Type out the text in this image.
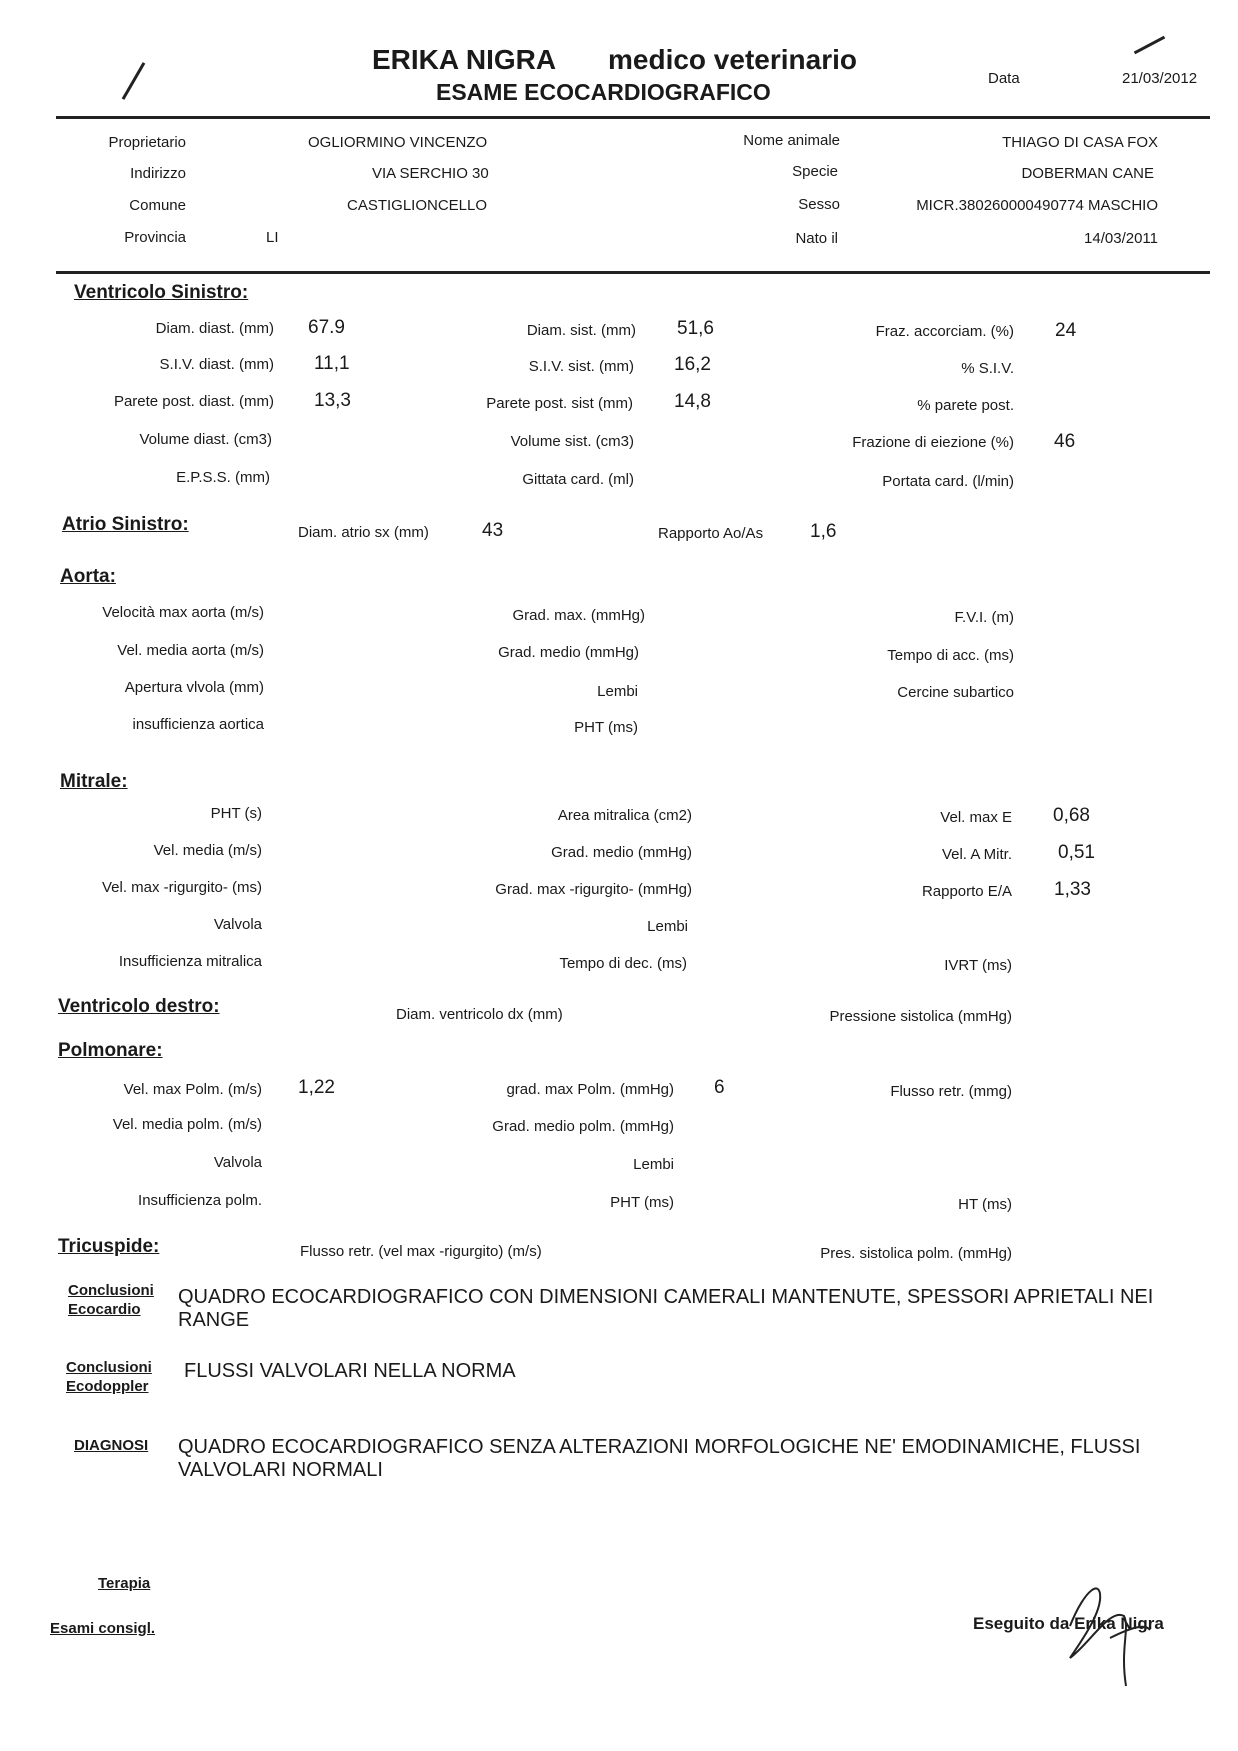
ERIKA NIGRA medico veterinario
ESAME ECOCARDIOGRAFICO
Data	21/03/2012
Proprietario	OGLIORMINO VINCENZO
Indirizzo	VIA SERCHIO 30
Comune	CASTIGLIONCELLO
Provincia	LI
Nome animale	THIAGO DI CASA FOX
Specie	DOBERMAN CANE
Sesso	MICR.380260000490774 MASCHIO
Nato il	14/03/2011
Ventricolo Sinistro:
Diam. diast. (mm) 67.9	Diam. sist. (mm) 51,6	Fraz. accorciam. (%) 24
S.I.V. diast. (mm) 11,1	S.I.V. sist. (mm) 16,2	% S.I.V.
Parete post. diast. (mm) 13,3	Parete post. sist (mm) 14,8	% parete post.
Volume diast. (cm3)	Volume sist. (cm3)	Frazione di eiezione (%) 46
E.P.S.S. (mm)	Gittata card. (ml)	Portata card. (l/min)
Atrio Sinistro:	Diam. atrio sx (mm)	43	Rapporto Ao/As 1,6
Aorta:
Velocità max aorta (m/s)	Grad. max. (mmHg)	F.V.I. (m)
Vel. media aorta (m/s)	Grad. medio (mmHg)	Tempo di acc. (ms)
Apertura vlvola (mm)	Lembi	Cercine subartico
insufficienza aortica	PHT (ms)
Mitrale:
PHT (s)	Area mitralica (cm2)	Vel. max E 0,68
Vel. media (m/s)	Grad. medio (mmHg)	Vel. A Mitr. 0,51
Vel. max -rigurgito- (ms)	Grad. max -rigurgito- (mmHg)	Rapporto E/A 1,33
Valvola	Lembi
Insufficienza mitralica	Tempo di dec. (ms)	IVRT (ms)
Ventricolo destro:	Diam. ventricolo dx (mm)	Pressione sistolica (mmHg)
Polmonare:
Vel. max Polm. (m/s) 1,22	grad. max Polm. (mmHg) 6	Flusso retr. (mmg)
Vel. media polm. (m/s)	Grad. medio polm. (mmHg)
Valvola	Lembi
Insufficienza polm.	PHT (ms)	HT (ms)
Tricuspide:	Flusso retr. (vel max -rigurgito) (m/s)	Pres. sistolica polm. (mmHg)
Conclusioni
Ecocardio
QUADRO ECOCARDIOGRAFICO CON DIMENSIONI CAMERALI MANTENUTE, SPESSORI APRIETALI NEI RANGE
Conclusioni
Ecodoppler
FLUSSI VALVOLARI NELLA NORMA
DIAGNOSI QUADRO ECOCARDIOGRAFICO SENZA ALTERAZIONI MORFOLOGICHE NE' EMODINAMICHE, FLUSSI VALVOLARI NORMALI
Terapia
Esami consigl.	Eseguito da Erika Nigra
